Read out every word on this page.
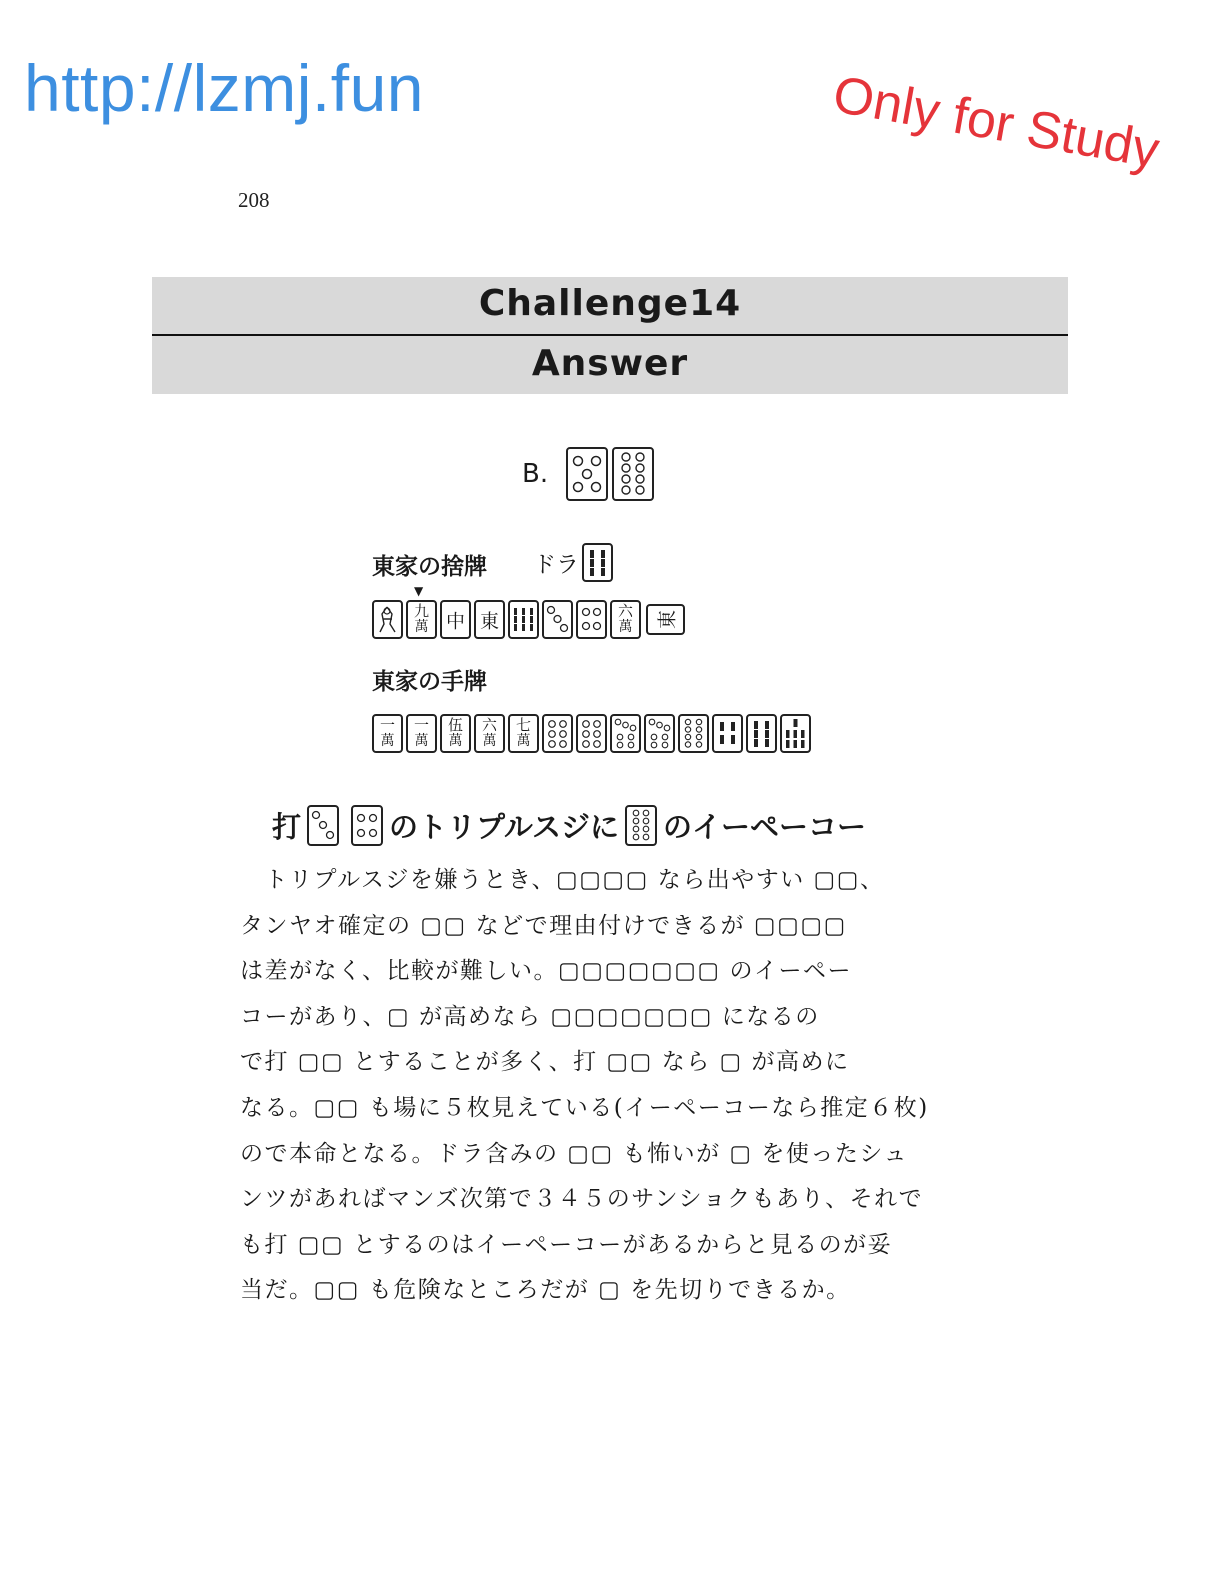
http://lzmj.fun	Only for Study
208
Challenge14
Answer
B.
東家の捨牌 ドラ
▼
九
萬 中 東	六
萬	東
東家の手牌
一
萬
一
萬
伍
萬
六
萬
七
萬
打	のトリプルスジに のイーペーコー
　トリプルスジを嫌うとき、▢▢▢▢ なら出やすい ▢▢、
タンヤオ確定の ▢▢ などで理由付けできるが ▢▢▢▢
は差がなく、比較が難しい。▢▢▢▢▢▢▢ のイーペー
コーがあり、▢ が高めなら ▢▢▢▢▢▢▢ になるの
で打 ▢▢ とすることが多く、打 ▢▢ なら ▢ が高めに
なる。▢▢ も場に５枚見えている(イーペーコーなら推定６枚)
ので本命となる。ドラ含みの ▢▢ も怖いが ▢ を使ったシュ
ンツがあればマンズ次第で３４５のサンショクもあり、それで
も打 ▢▢ とするのはイーペーコーがあるからと見るのが妥
当だ。▢▢ も危険なところだが ▢ を先切りできるか。
